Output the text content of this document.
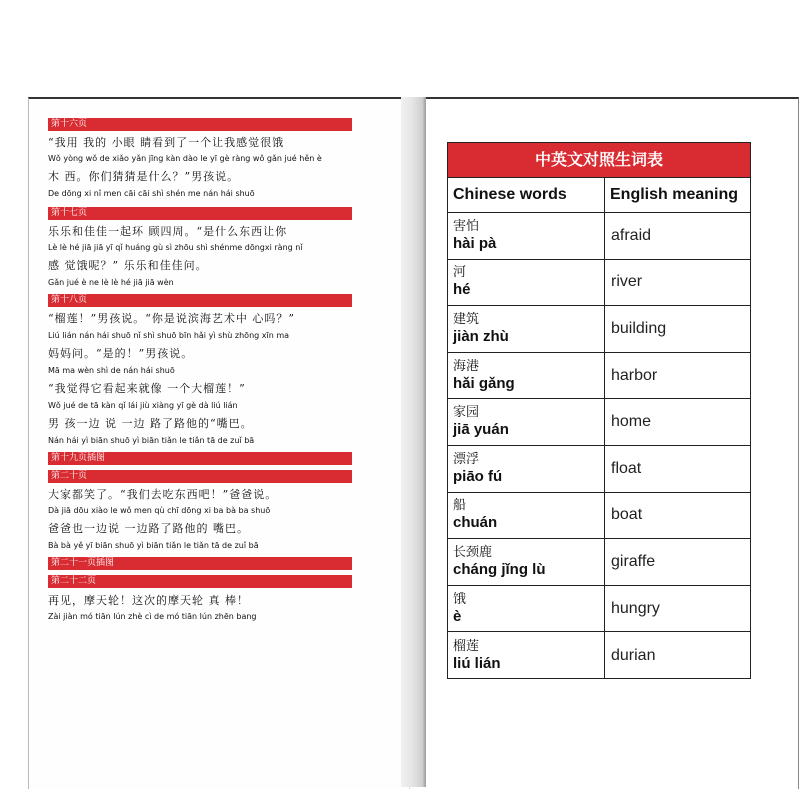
第十六页
“我用 我的 小眼 睛看到了一个让我感觉很饿
Wǒ yòng wǒ de xiǎo yǎn jīng kàn dào le yī gè ràng wǒ gǎn jué hěn è
木 西。你们猜猜是什么？”男孩说。
De dōng xi nǐ men cāi cāi shì shén me nán hái shuō
第十七页
乐乐和佳佳一起环 顾四周。“是什么东西让你
Lè lè hé jiā jiā yī qǐ huáng gù sì zhōu shì shénme dōngxi ràng nǐ
感 觉饿呢？” 乐乐和佳佳问。
Gǎn jué è ne lè lè hé jiā jiā wèn
第十八页
“榴莲！”男孩说。“你是说滨海艺术中 心吗？”
Liú lián nán hái shuō nǐ shì shuō bīn hǎi yì shù zhōng xīn ma
妈妈问。“是的！”男孩说。
Mā ma wèn shì de nán hái shuō
“我觉得它看起来就像 一个大榴莲！”
Wǒ jué de tā kàn qǐ lái jiù xiàng yī gè dà liú lián
男 孩一边 说 一边 路了路他的“嘴巴。
Nán hái yì biān shuō yì biān tiǎn le tiǎn tā de zuǐ bā
第十九页插图
第二十页
大家都笑了。“我们去吃东西吧！”爸爸说。
Dà jiā dōu xiào le wǒ men qù chī dōng xi ba bà ba shuō
爸爸也一边说 一边路了路他的 嘴巴。
Bà bà yě yī biān shuō yì biān tiǎn le tiǎn tā de zuǐ bā
第二十一页插图
第二十二页
再见，摩天轮！这次的摩天轮 真 棒！
Zài jiàn mó tiān lún zhè cì de mó tiān lún zhēn bang
中英文对照生词表
Chinese words	English meaning
害怕
hài pà	afraid
河
hé	river
建筑
jiàn zhù	building
海港
hǎi gǎng	harbor
家园
jiā yuán	home
漂浮
piāo fú	float
船
chuán	boat
长颈鹿
cháng jǐng lù	giraffe
饿
è	hungry
榴莲
liú lián	durian
